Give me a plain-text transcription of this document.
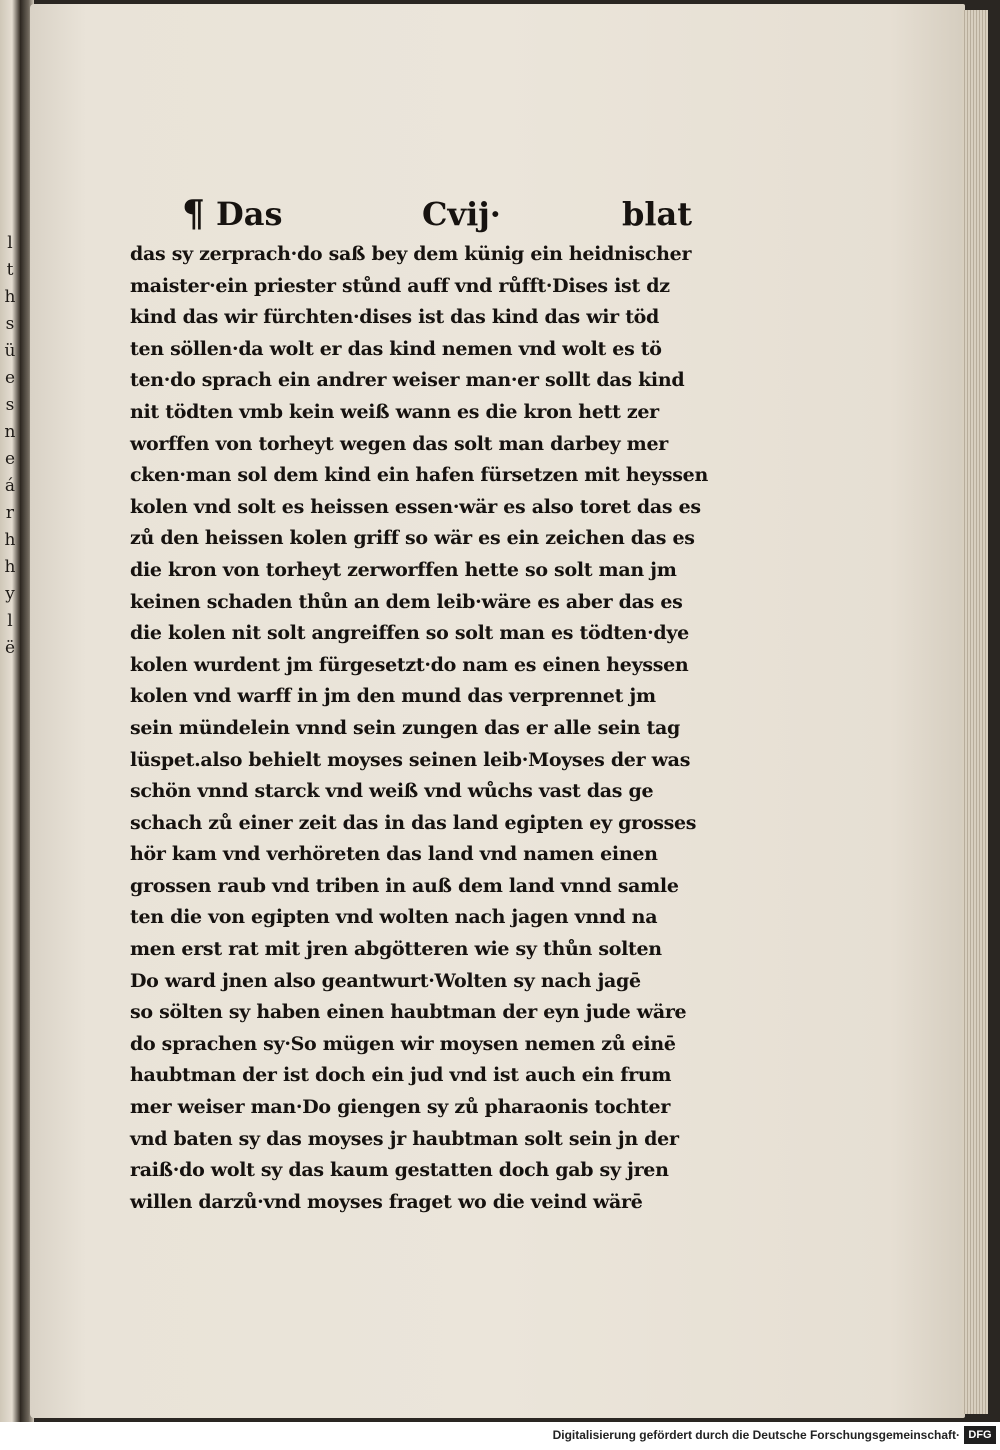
l
t
h
s
ü
e
s
n
e
á
r
h
h
y
l
ë
¶ Das	Cvij·	blat
das sy zerprach·do saß bey dem künig ein heidnischer
maister·ein priester stůnd auff vnd růfft·Dises ist dz
kind das wir fürchten·dises ist das kind das wir töd
ten söllen·da wolt er das kind nemen vnd wolt es tö
ten·do sprach ein andrer weiser man·er sollt das kind
nit tödten vmb kein weiß wann es die kron hett zer
worffen von torheyt wegen das solt man darbey mer
cken·man sol dem kind ein hafen fürsetzen mit heyssen
kolen vnd solt es heissen essen·wär es also toret das es
zů den heissen kolen griff so wär es ein zeichen das es
die kron von torheyt zerworffen hette so solt man jm
keinen schaden thůn an dem leib·wäre es aber das es
die kolen nit solt angreiffen so solt man es tödten·dye
kolen wurdent jm fürgesetzt·do nam es einen heyssen
kolen vnd warff in jm den mund das verprennet jm
sein mündelein vnnd sein zungen das er alle sein tag
lüspet.also behielt moyses seinen leib·Moyses der was
schön vnnd starck vnd weiß vnd wůchs vast das ge
schach zů einer zeit das in das land egipten ey grosses
hör kam vnd verhöreten das land vnd namen einen
grossen raub vnd triben in auß dem land vnnd samle
ten die von egipten vnd wolten nach jagen vnnd na
men erst rat mit jren abgötteren wie sy thůn solten
Do ward jnen also geantwurt·Wolten sy nach jagē
so sölten sy haben einen haubtman der eyn jude wäre
do sprachen sy·So mügen wir moysen nemen zů einē
haubtman der ist doch ein jud vnd ist auch ein frum
mer weiser man·Do giengen sy zů pharaonis tochter
vnd baten sy das moyses jr haubtman solt sein jn der
raiß·do wolt sy das kaum gestatten doch gab sy jren
willen darzů·vnd moyses fraget wo die veind wärē
Digitalisierung gefördert durch die Deutsche Forschungsgemeinschaft· DFG
